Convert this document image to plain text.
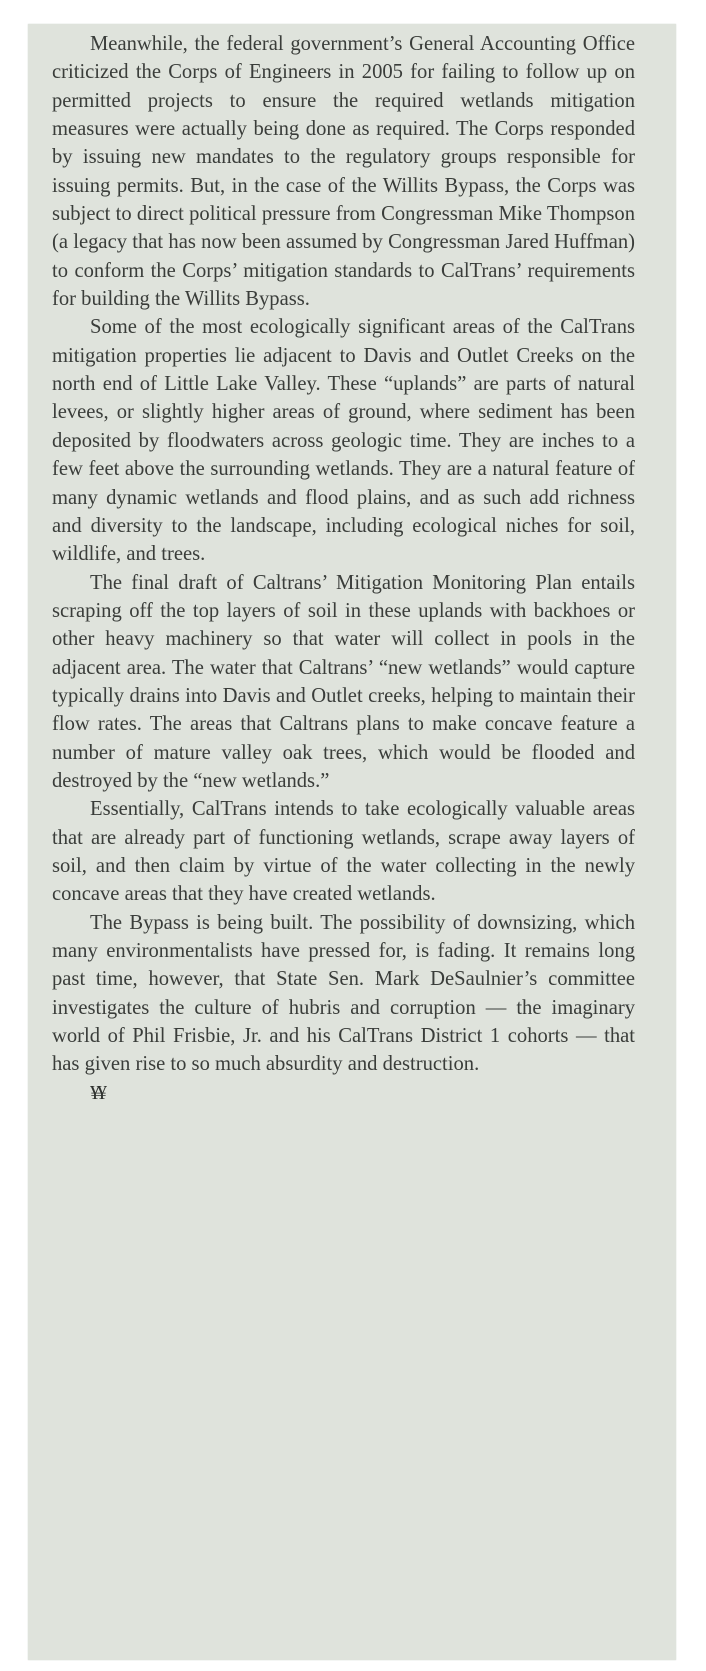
Meanwhile, the federal government’s General Accounting Office criticized the Corps of Engineers in 2005 for failing to follow up on permitted projects to ensure the required wetlands mitigation measures were actually being done as required. The Corps responded by issuing new mandates to the regulatory groups responsible for issuing permits. But, in the case of the Willits Bypass, the Corps was subject to direct political pressure from Congressman Mike Thompson (a legacy that has now been assumed by Congressman Jared Huffman) to conform the Corps’ mitigation standards to CalTrans’ requirements for building the Willits Bypass.

Some of the most ecologically significant areas of the CalTrans mitigation properties lie adjacent to Davis and Outlet Creeks on the north end of Little Lake Valley. These “uplands” are parts of natural levees, or slightly higher areas of ground, where sediment has been deposited by floodwaters across geologic time. They are inches to a few feet above the surrounding wetlands. They are a natural feature of many dynamic wetlands and flood plains, and as such add richness and diversity to the landscape, including ecological niches for soil, wildlife, and trees.

The final draft of Caltrans’ Mitigation Monitoring Plan entails scraping off the top layers of soil in these uplands with backhoes or other heavy machinery so that water will collect in pools in the adjacent area. The water that Caltrans’ “new wetlands” would capture typically drains into Davis and Outlet creeks, helping to maintain their flow rates. The areas that Caltrans plans to make concave feature a number of mature valley oak trees, which would be flooded and destroyed by the “new wetlands.”

Essentially, CalTrans intends to take ecologically valuable areas that are already part of functioning wetlands, scrape away layers of soil, and then claim by virtue of the water collecting in the newly concave areas that they have created wetlands.

The Bypass is being built. The possibility of downsizing, which many environmentalists have pressed for, is fading. It remains long past time, however, that State Sen. Mark DeSaulnier’s committee investigates the culture of hubris and corruption — the imaginary world of Phil Frisbie, Jr. and his CalTrans District 1 cohorts — that has given rise to so much absurdity and destruction.

¥¥
